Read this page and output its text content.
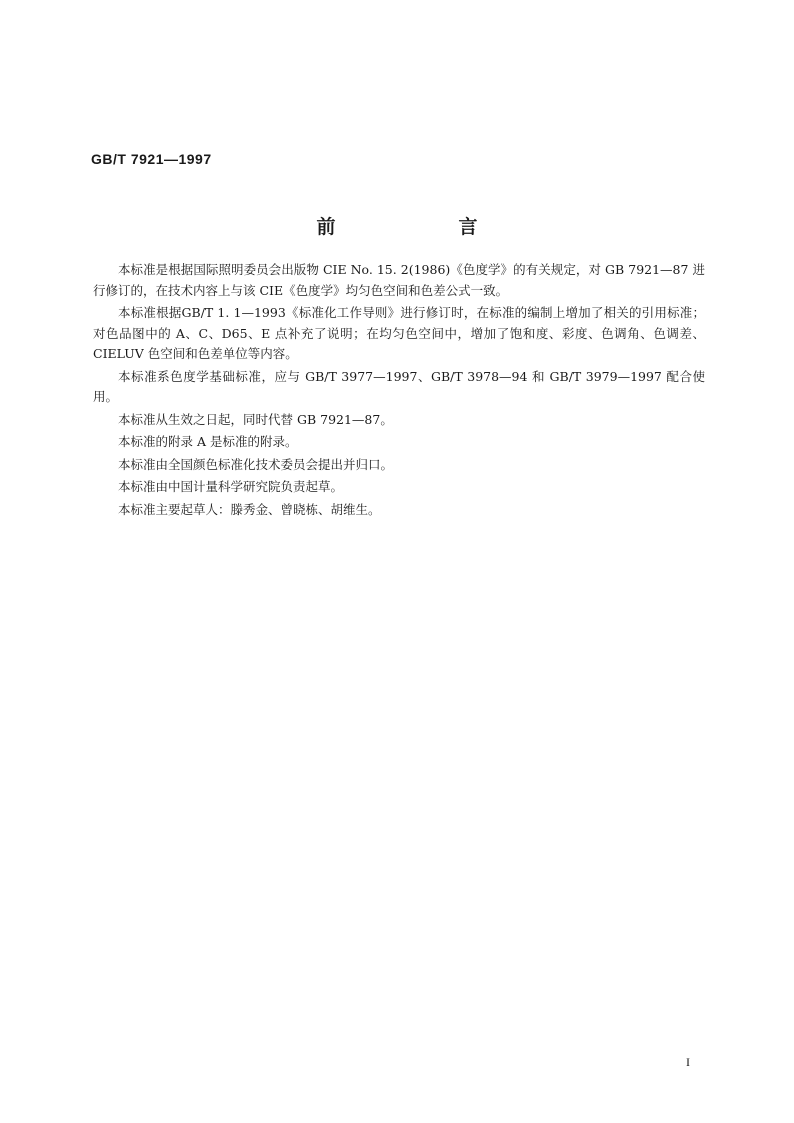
GB/T 7921—1997
前　言

本标准是根据国际照明委员会出版物 CIE No. 15. 2(1986)《色度学》的有关规定，对 GB 7921—87 进行修订的，在技术内容上与该 CIE《色度学》均匀色空间和色差公式一致。

本标准根据GB/T 1. 1—1993《标准化工作导则》进行修订时，在标准的编制上增加了相关的引用标准；对色品图中的 A、C、D65、E 点补充了说明；在均匀色空间中，增加了饱和度、彩度、色调角、色调差、CIELUV 色空间和色差单位等内容。

本标准系色度学基础标准，应与 GB/T 3977—1997、GB/T 3978—94 和 GB/T 3979—1997 配合使用。

本标准从生效之日起，同时代替 GB 7921—87。

本标准的附录 A 是标准的附录。

本标准由全国颜色标准化技术委员会提出并归口。

本标准由中国计量科学研究院负责起草。

本标准主要起草人：滕秀金、曾晓栋、胡维生。

I
